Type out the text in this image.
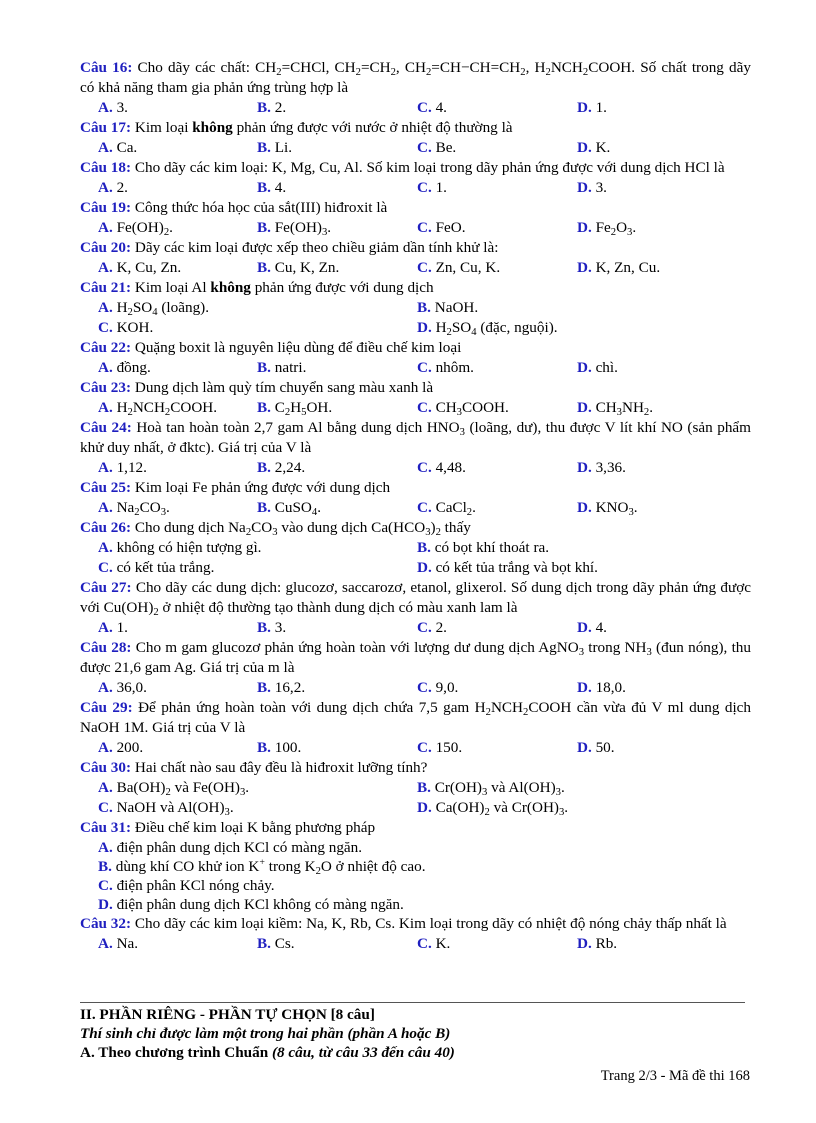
Câu 16: Cho dãy các chất: $CH_2=CHCl$, $CH_2=CH_2$, $CH_2=CH-CH=CH_2$, $H_2NCH_2COOH$. Số chất trong dãy có khả năng tham gia phản ứng trùng hợp là
A. 3.	B. 2.	C. 4.	D. 1.
Câu 17: Kim loại không phản ứng được với nước ở nhiệt độ thường là
A. Ca.	B. Li.	C. Be.	D. K.
Câu 18: Cho dãy các kim loại: K, Mg, Cu, Al. Số kim loại trong dãy phản ứng được với dung dịch HCl là
A. 2.	B. 4.	C. 1.	D. 3.
Câu 19: Công thức hóa học của sắt(III) hiđroxit là
A. $Fe(OH)_2$.	B. $Fe(OH)_3$.	C. FeO.	D. $Fe_2O_3$.
Câu 20: Dãy các kim loại được xếp theo chiều giảm dần tính khử là:
A. K, Cu, Zn.	B. Cu, K, Zn.	C. Zn, Cu, K.	D. K, Zn, Cu.
Câu 21: Kim loại Al không phản ứng được với dung dịch
A. $H_2SO_4$ (loãng).	B. NaOH.
C. KOH.	D. $H_2SO_4$ (đặc, nguội).
Câu 22: Quặng boxit là nguyên liệu dùng để điều chế kim loại
A. đồng.	B. natri.	C. nhôm.	D. chì.
Câu 23: Dung dịch làm quỳ tím chuyển sang màu xanh là
A. $H_2NCH_2COOH$.	B. $C_2H_5OH$.	C. $CH_3COOH$.	D. $CH_3NH_2$.
Câu 24: Hoà tan hoàn toàn 2,7 gam Al bằng dung dịch $HNO_3$ (loãng, dư), thu được V lít khí NO (sản phẩm khử duy nhất, ở đktc). Giá trị của V là
A. 1,12.	B. 2,24.	C. 4,48.	D. 3,36.
Câu 25: Kim loại Fe phản ứng được với dung dịch
A. $Na_2CO_3$.	B. CuSO$_4$.	C. CaCl$_2$.	D. $KNO_3$.
Câu 26: Cho dung dịch $Na_2CO_3$ vào dung dịch $Ca(HCO_3)_2$ thấy
A. không có hiện tượng gì.	B. có bọt khí thoát ra.
C. có kết tủa trắng.	D. có kết tủa trắng và bọt khí.
Câu 27: Cho dãy các dung dịch: glucozơ, saccarozơ, etanol, glixerol. Số dung dịch trong dãy phản ứng được với $Cu(OH)_2$ ở nhiệt độ thường tạo thành dung dịch có màu xanh lam là
A. 1.	B. 3.	C. 2.	D. 4.
Câu 28: Cho m gam glucozơ phản ứng hoàn toàn với lượng dư dung dịch AgNO$_3$ trong $NH_3$ (đun nóng), thu được 21,6 gam Ag. Giá trị của m là
A. 36,0.	B. 16,2.	C. 9,0.	D. 18,0.
Câu 29: Để phản ứng hoàn toàn với dung dịch chứa 7,5 gam $H_2NCH_2COOH$ cần vừa đủ V ml dung dịch NaOH 1M. Giá trị của V là
A. 200.	B. 100.	C. 150.	D. 50.
Câu 30: Hai chất nào sau đây đều là hiđroxit lưỡng tính?
A. $Ba(OH)_2$ và $Fe(OH)_3$.	B. $Cr(OH)_3$ và $Al(OH)_3$.
C. NaOH và $Al(OH)_3$.	D. $Ca(OH)_2$ và $Cr(OH)_3$.
Câu 31: Điều chế kim loại K bằng phương pháp
A. điện phân dung dịch KCl có màng ngăn.
B. dùng khí CO khử ion K+ trong $K_2O$ ở nhiệt độ cao.
C. điện phân KCl nóng chảy.
D. điện phân dung dịch KCl không có màng ngăn.
Câu 32: Cho dãy các kim loại kiềm: Na, K, Rb, Cs. Kim loại trong dãy có nhiệt độ nóng chảy thấp nhất là
A. Na.	B. Cs.	C. K.	D. Rb.

II. PHẦN RIÊNG - PHẦN TỰ CHỌN [8 câu]

Thí sinh chỉ được làm một trong hai phần (phần A hoặc B)

A. Theo chương trình Chuẩn (8 câu, từ câu 33 đến câu 40)

Trang 2/3 - Mã đề thi 168
